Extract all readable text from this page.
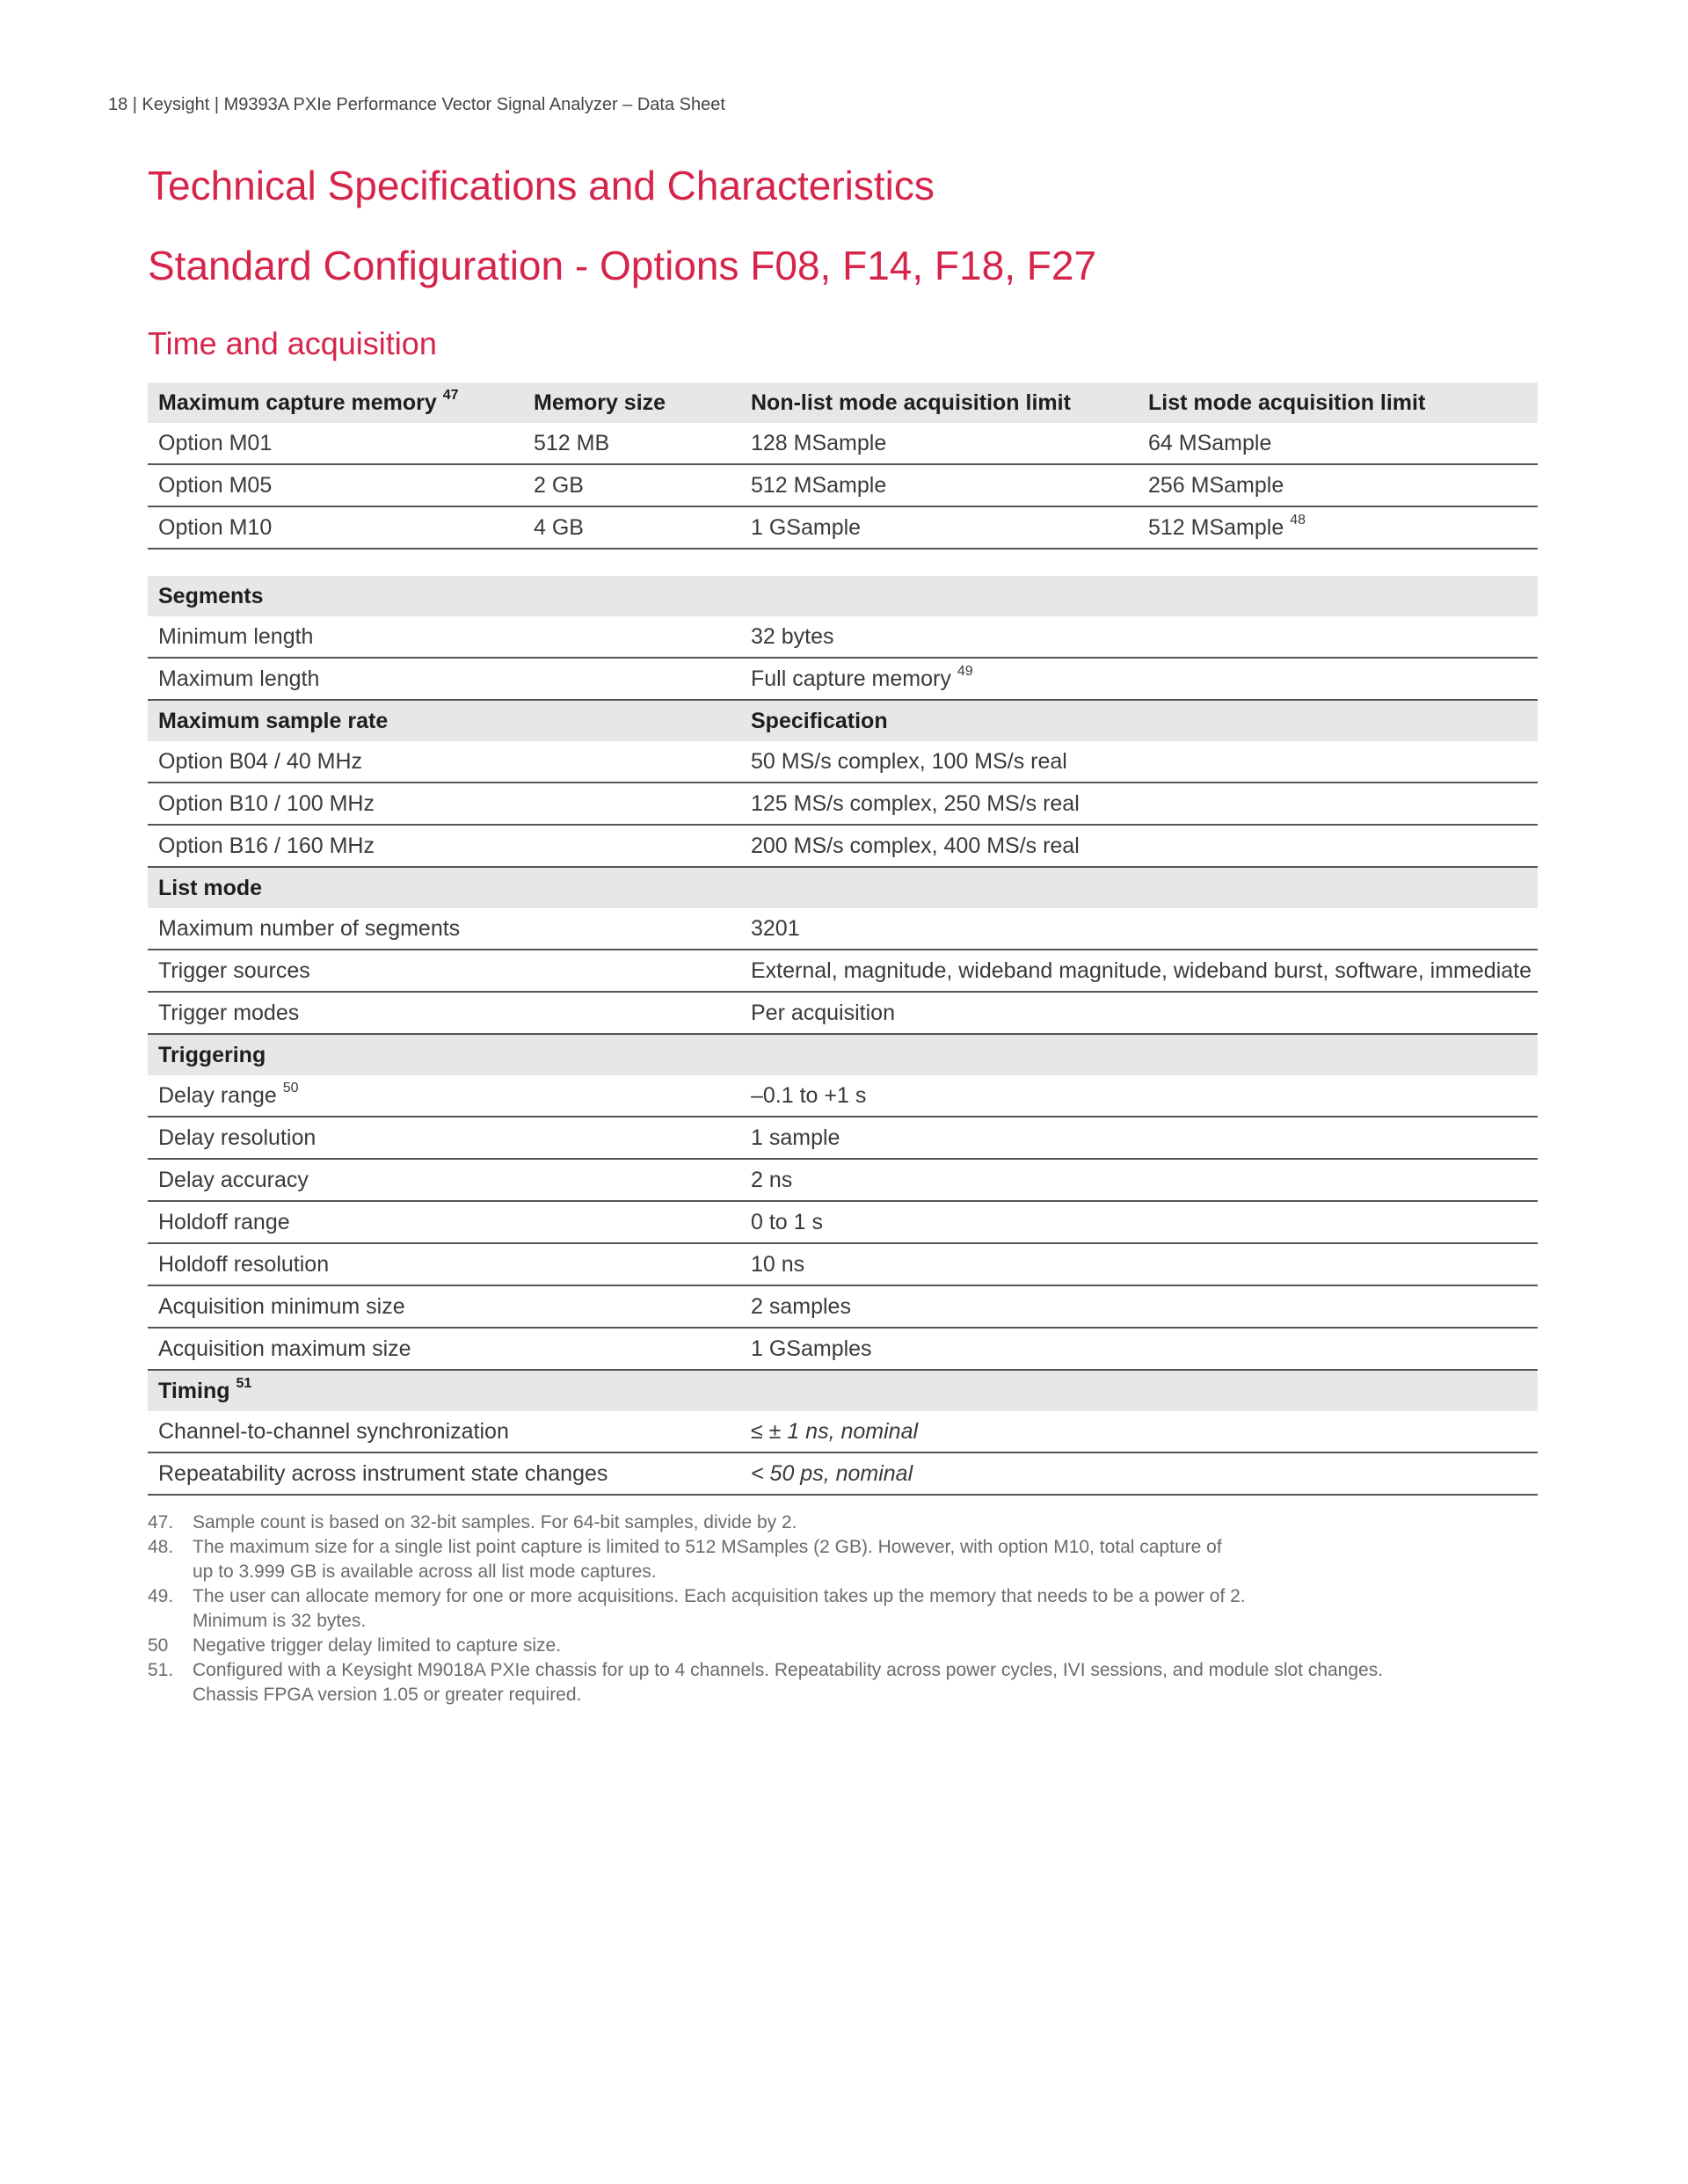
18 | Keysight | M9393A PXIe Performance Vector Signal Analyzer – Data Sheet
Technical Specifications and Characteristics
Standard Configuration - Options F08, F14, F18, F27
Time and acquisition
Maximum capture memory $^{47}$	Memory size	Non-list mode acquisition limit	List mode acquisition limit
Option M01	512 MB	128 MSample	64 MSample
Option M05	2 GB	512 MSample	256 MSample
Option M10	4 GB	1 GSample	512 MSample $^{48}$
Segments	
Minimum length	32 bytes
Maximum length	Full capture memory $^{49}$
Maximum sample rate	Specification
Option B04 / 40 MHz	50 MS/s complex, 100 MS/s real
Option B10 / 100 MHz	125 MS/s complex, 250 MS/s real
Option B16 / 160 MHz	200 MS/s complex, 400 MS/s real
List mode	
Maximum number of segments	3201
Trigger sources	External, magnitude, wideband magnitude, wideband burst, software, immediate
Trigger modes	Per acquisition
Triggering	
Delay range $^{50}$	–0.1 to +1 s
Delay resolution	1 sample
Delay accuracy	2 ns
Holdoff range	0 to 1 s
Holdoff resolution	10 ns
Acquisition minimum size	2 samples
Acquisition maximum size	1 GSamples
Timing $^{51}$	
Channel-to-channel synchronization	≤ ± 1 ns, nominal
Repeatability across instrument state changes	< 50 ps, nominal
47.	Sample count is based on 32-bit samples. For 64-bit samples, divide by 2.
48.	The maximum size for a single list point capture is limited to 512 MSamples (2 GB). However, with option M10, total capture of
up to 3.999 GB is available across all list mode captures.
49.	The user can allocate memory for one or more acquisitions. Each acquisition takes up the memory that needs to be a power of 2.
Minimum is 32 bytes.
50	Negative trigger delay limited to capture size.
51.	Configured with a Keysight M9018A PXIe chassis for up to 4 channels. Repeatability across power cycles, IVI sessions, and module slot changes.
Chassis FPGA version 1.05 or greater required.
